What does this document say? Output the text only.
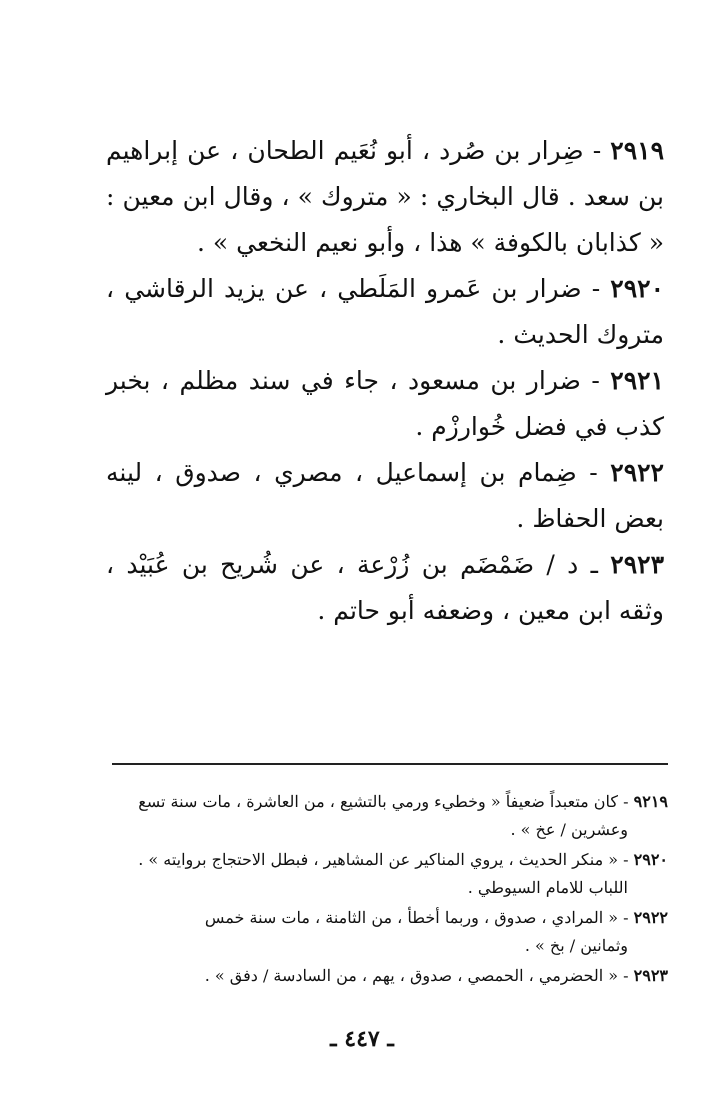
٢٩١٩ - ضِرار بن صُرد ، أبو نُعَيم الطحان ، عن إبراهيم بن سعد . قال البخاري : « متروك » ، وقال ابن معين : « كذابان بالكوفة » هذا ، وأبو نعيم النخعي » .

٢٩٢٠ - ضرار بن عَمرو المَلَطي ، عن يزيد الرقاشي ، متروك الحديث .

٢٩٢١ - ضرار بن مسعود ، جاء في سند مظلم ، بخبر كذب في فضل خُوارزْم .

٢٩٢٢ - ضِمام بن إسماعيل ، مصري ، صدوق ، لينه بعض الحفاظ .

٢٩٢٣ ـ د / ضَمْضَم بن زُرْعة ، عن شُريح بن عُبَيْد ، وثقه ابن معين ، وضعفه أبو حاتم .

٩٢١٩ - كان متعبداً ضعيفاً « وخطيء ورمي بالتشيع ، من العاشرة ، مات سنة تسع
وعشرين / عخ » .

٢٩٢٠ - « منكر الحديث ، يروي المناكير عن المشاهير ، فبطل الاحتجاج بروايته » .
اللباب للامام السيوطي .

٢٩٢٢ - « المرادي ، صدوق ، وربما أخطأ ، من الثامنة ، مات سنة خمس
وثمانين / بخ » .

٢٩٢٣ - « الحضرمي ، الحمصي ، صدوق ، يهم ، من السادسة / دفق » .

ـ ٤٤٧ ـ
